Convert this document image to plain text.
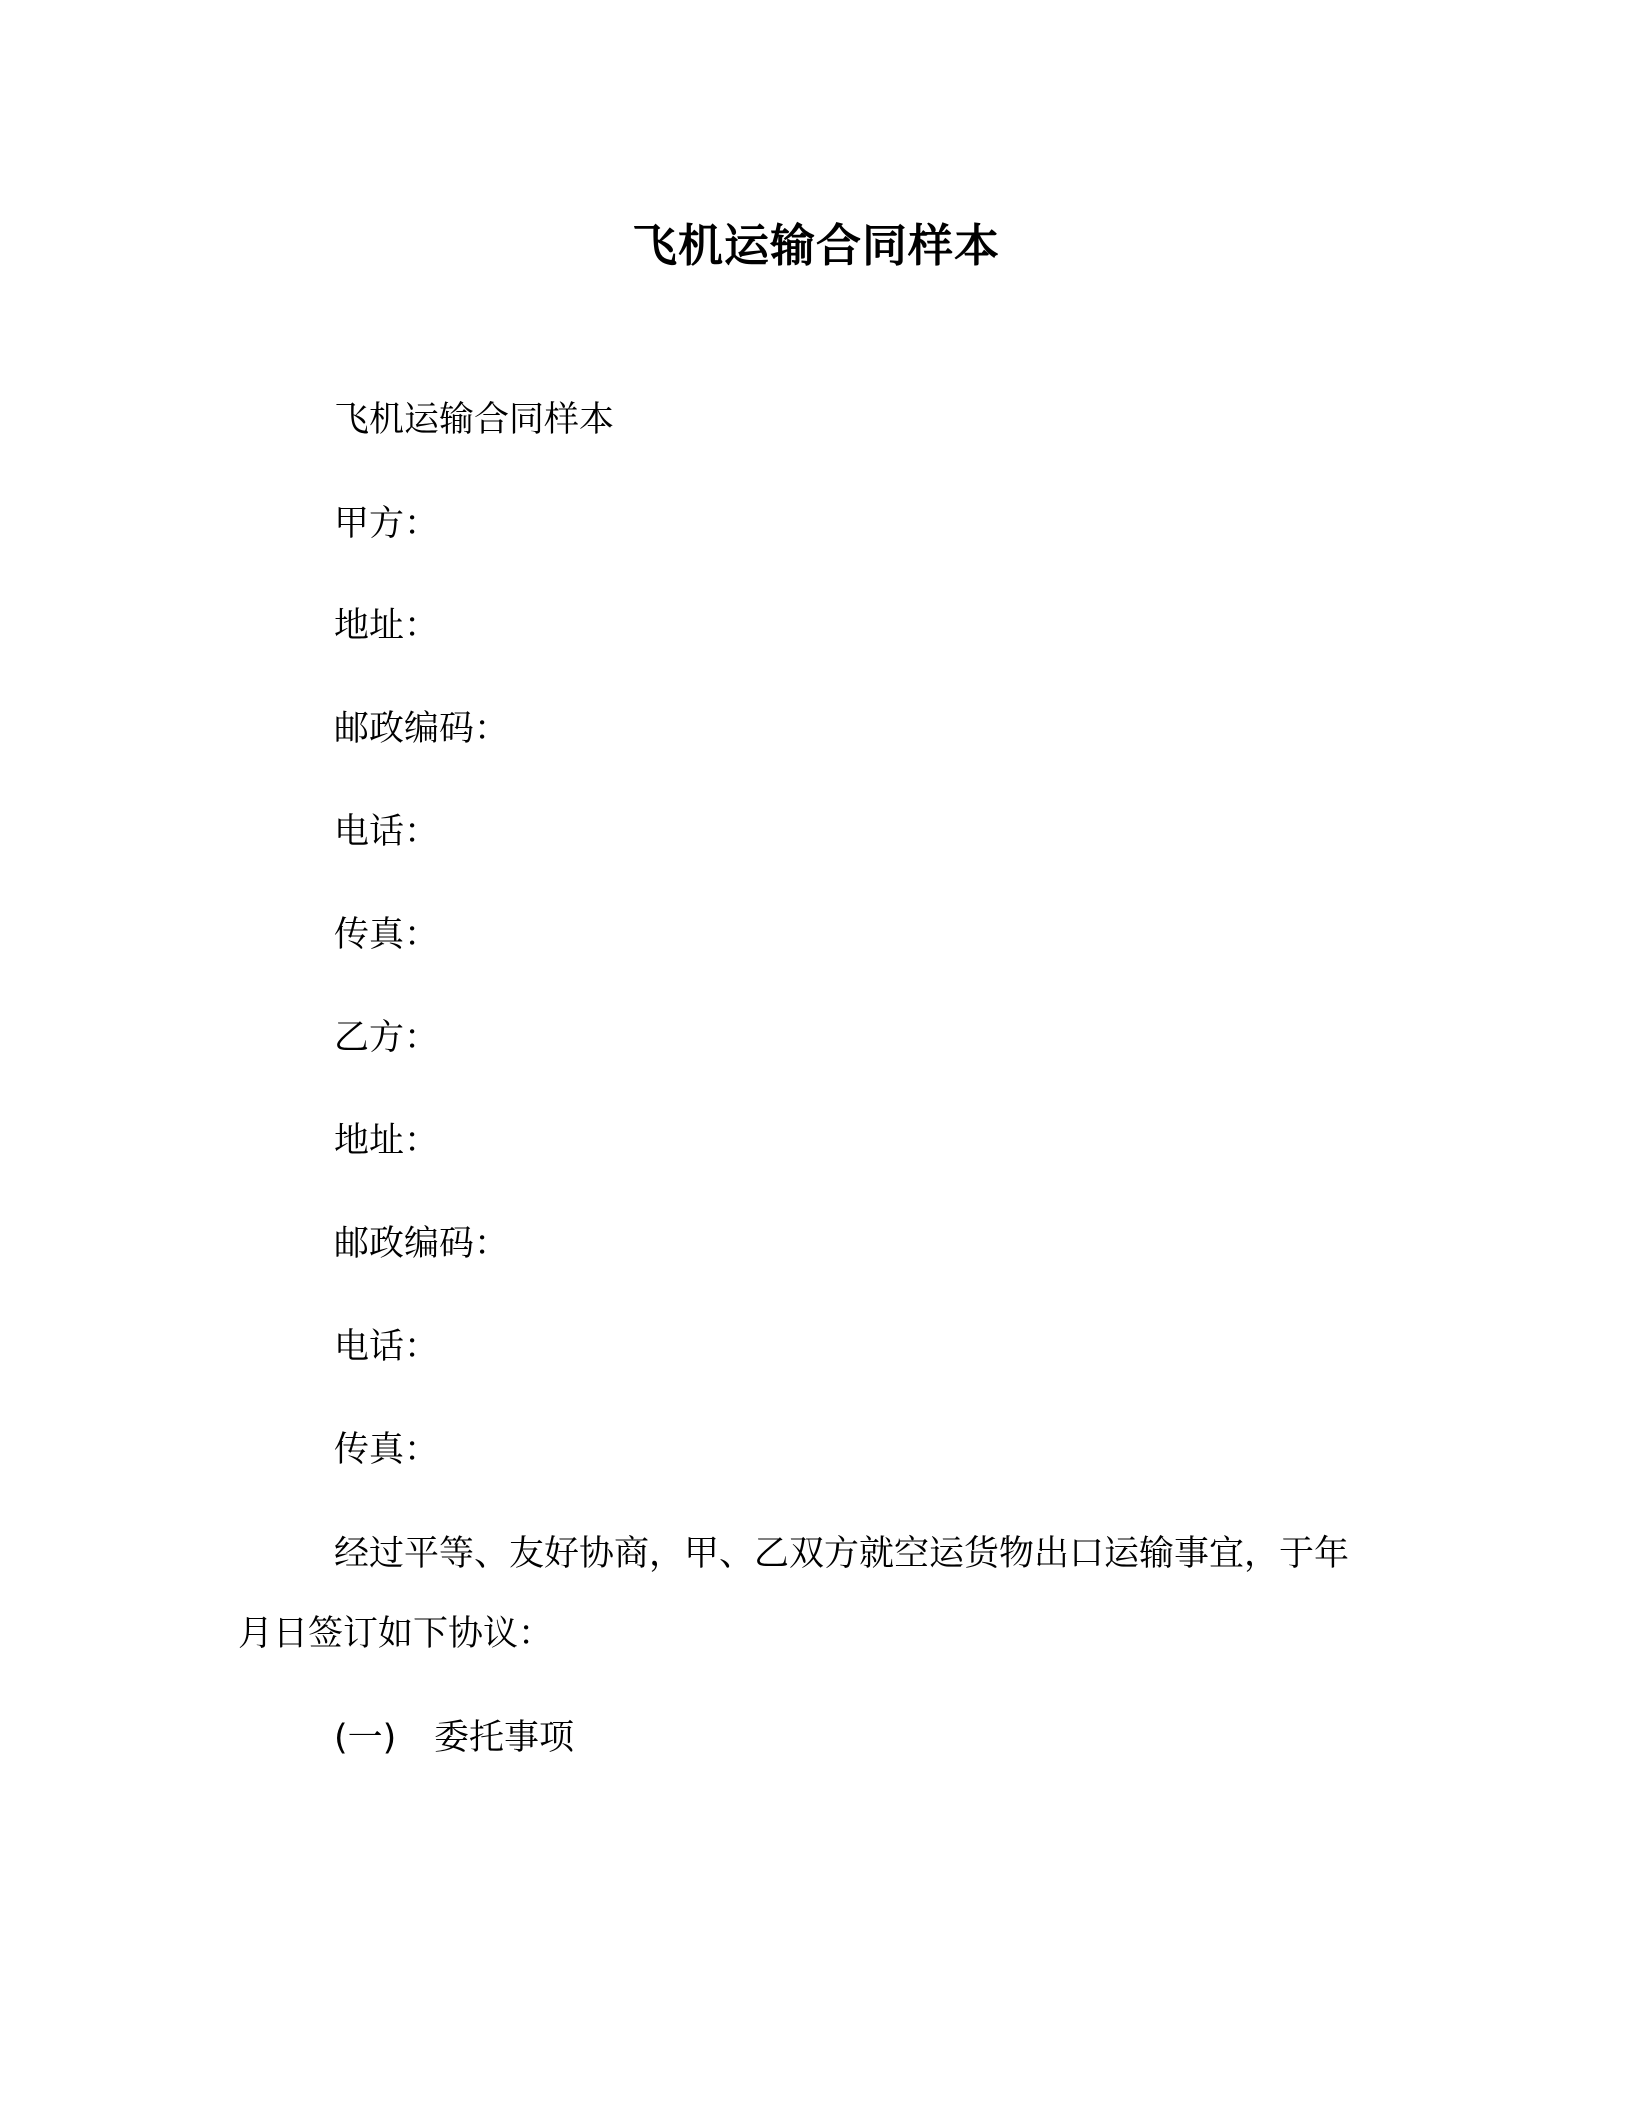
飞机运输合同样本
飞机运输合同样本
甲方：
地址：
邮政编码：
电话：
传真：
乙方：
地址：
邮政编码：
电话：
传真：
经过平等、友好协商，甲、乙双方就空运货物出口运输事宜，于年月日签订如下协议：
(一) 委托事项
